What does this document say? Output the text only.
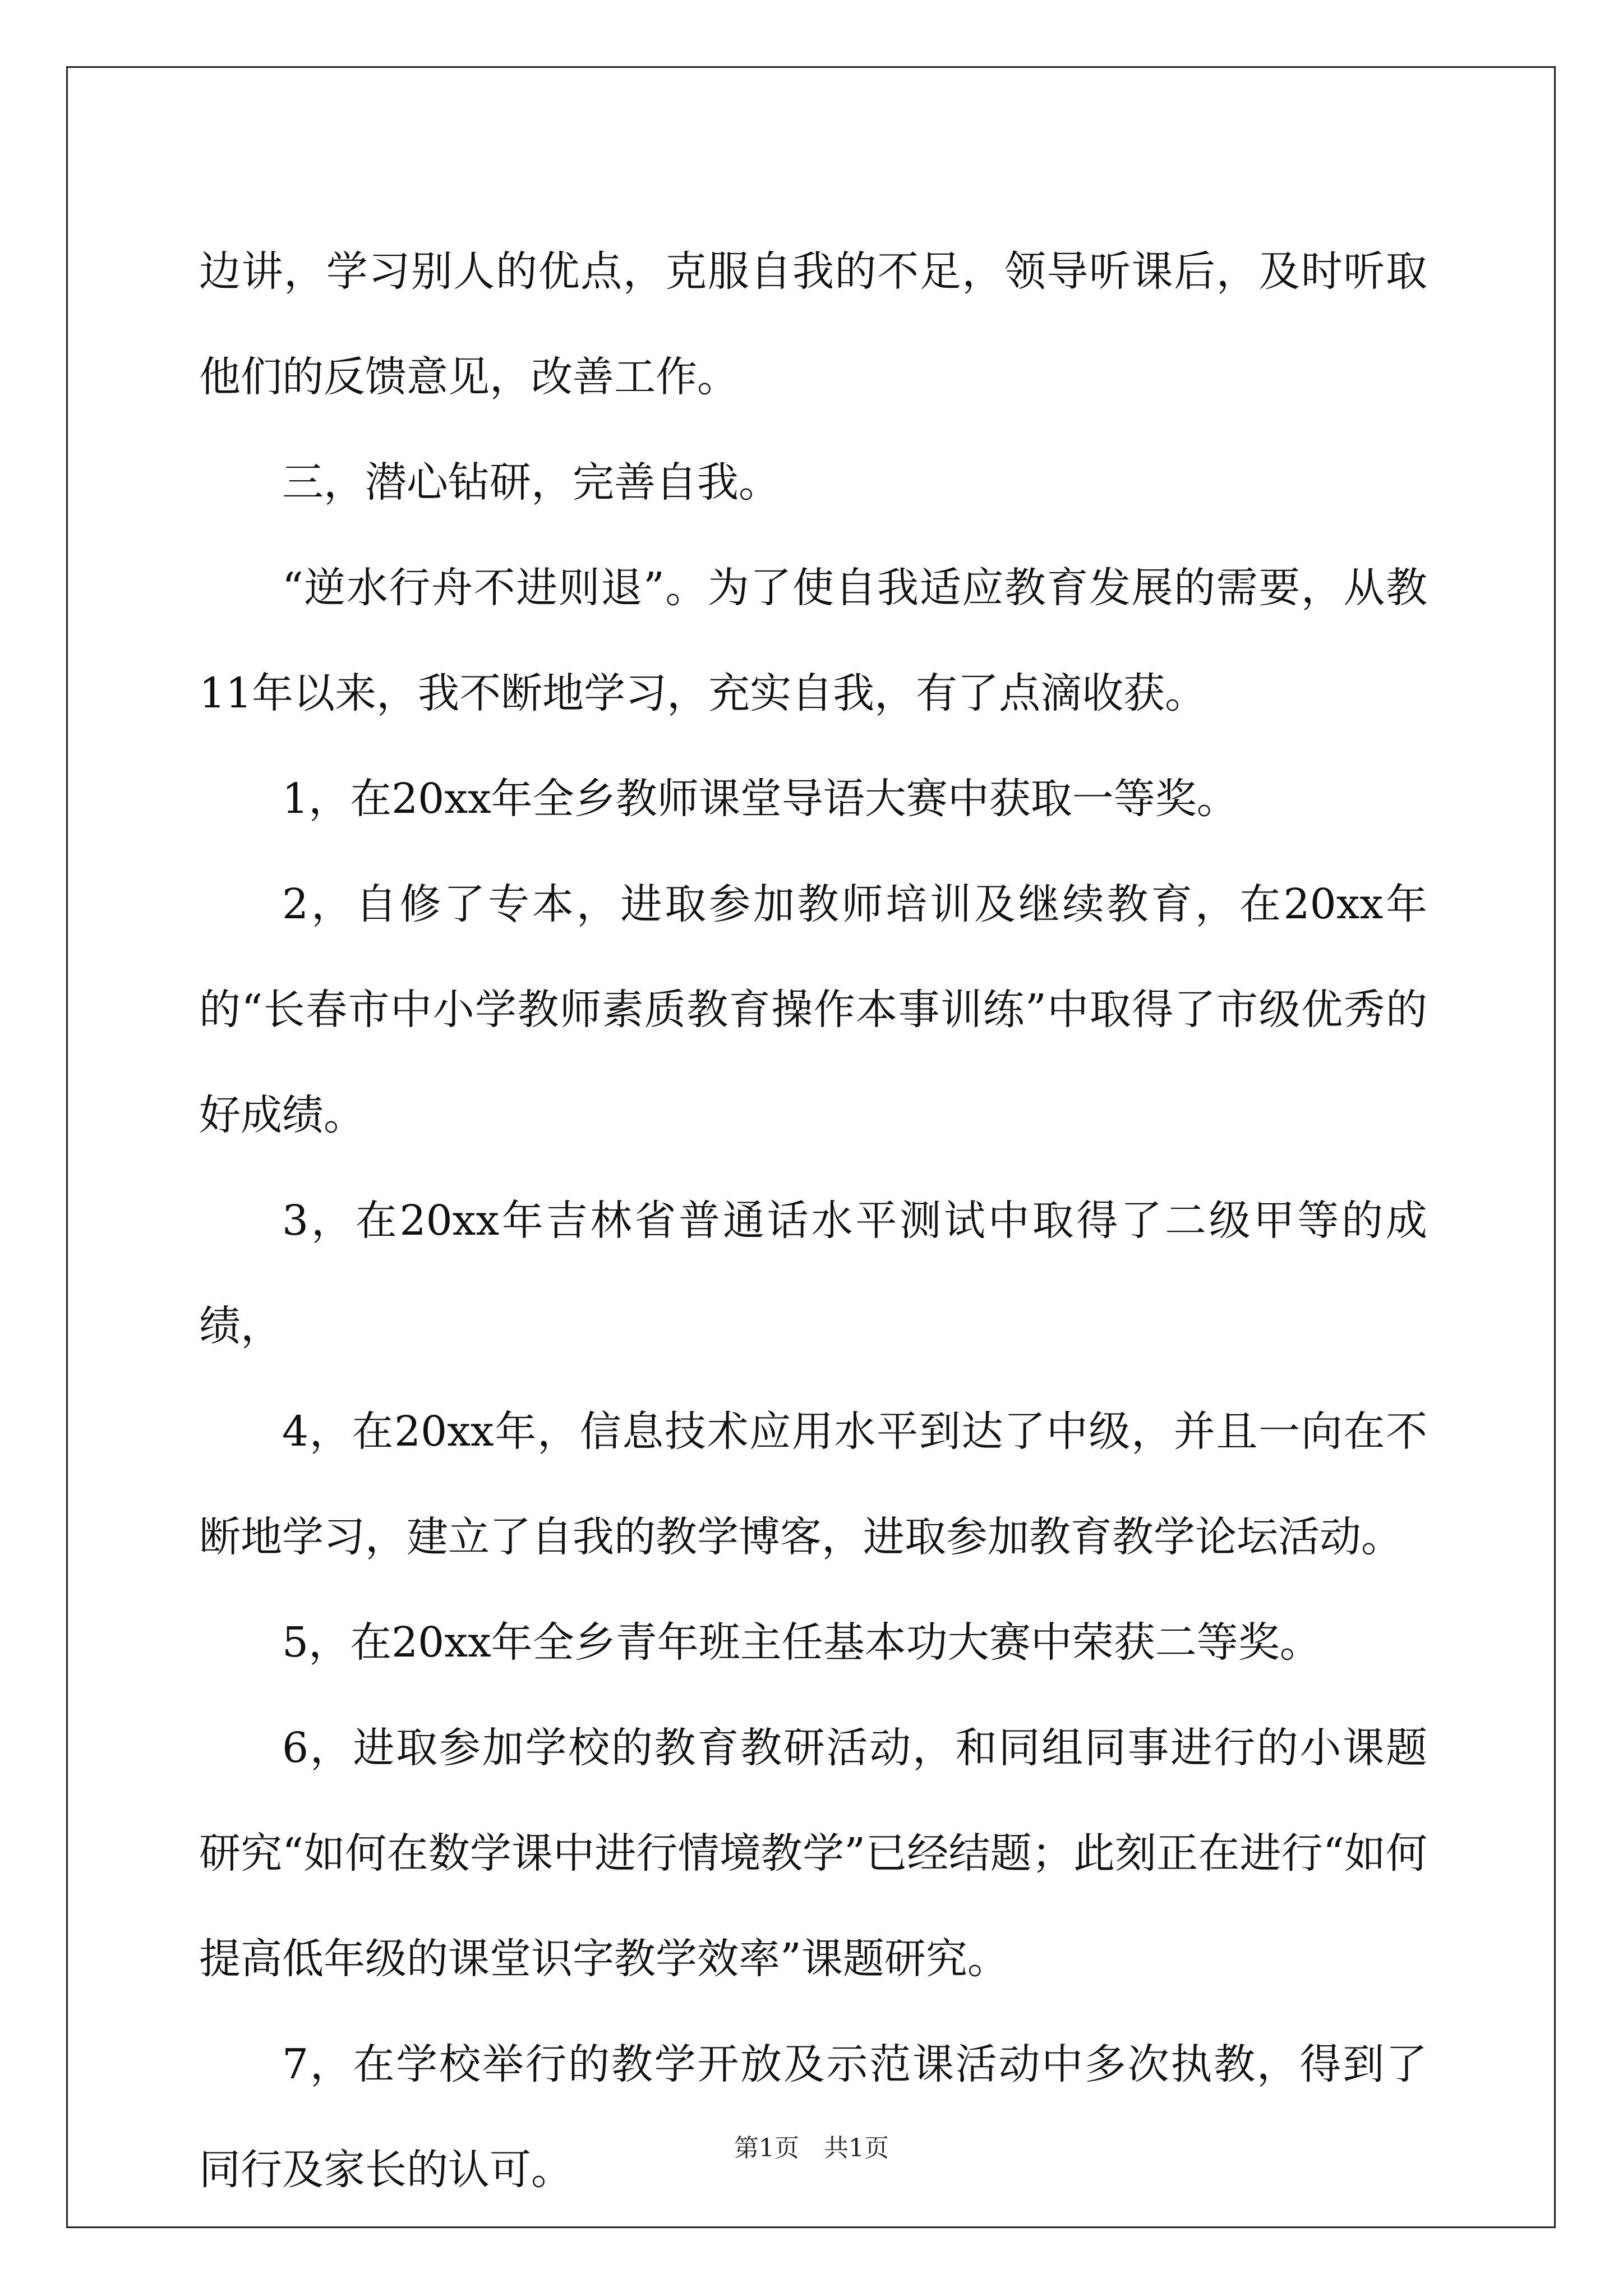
边讲，学习别人的优点，克服自我的不足，领导听课后，及时听取他们的反馈意见，改善工作。

三，潜心钻研，完善自我。

“逆水行舟不进则退”。为了使自我适应教育发展的需要，从教11年以来，我不断地学习，充实自我，有了点滴收获。

1，在20xx年全乡教师课堂导语大赛中获取一等奖。

2，自修了专本，进取参加教师培训及继续教育，在20xx年的“长春市中小学教师素质教育操作本事训练”中取得了市级优秀的好成绩。

3，在20xx年吉林省普通话水平测试中取得了二级甲等的成绩，

4，在20xx年，信息技术应用水平到达了中级，并且一向在不断地学习，建立了自我的教学博客，进取参加教育教学论坛活动。

5，在20xx年全乡青年班主任基本功大赛中荣获二等奖。

6，进取参加学校的教育教研活动，和同组同事进行的小课题研究“如何在数学课中进行情境教学”已经结题；此刻正在进行“如何提高低年级的课堂识字教学效率”课题研究。

7，在学校举行的教学开放及示范课活动中多次执教，得到了同行及家长的认可。	第1页　共1页
